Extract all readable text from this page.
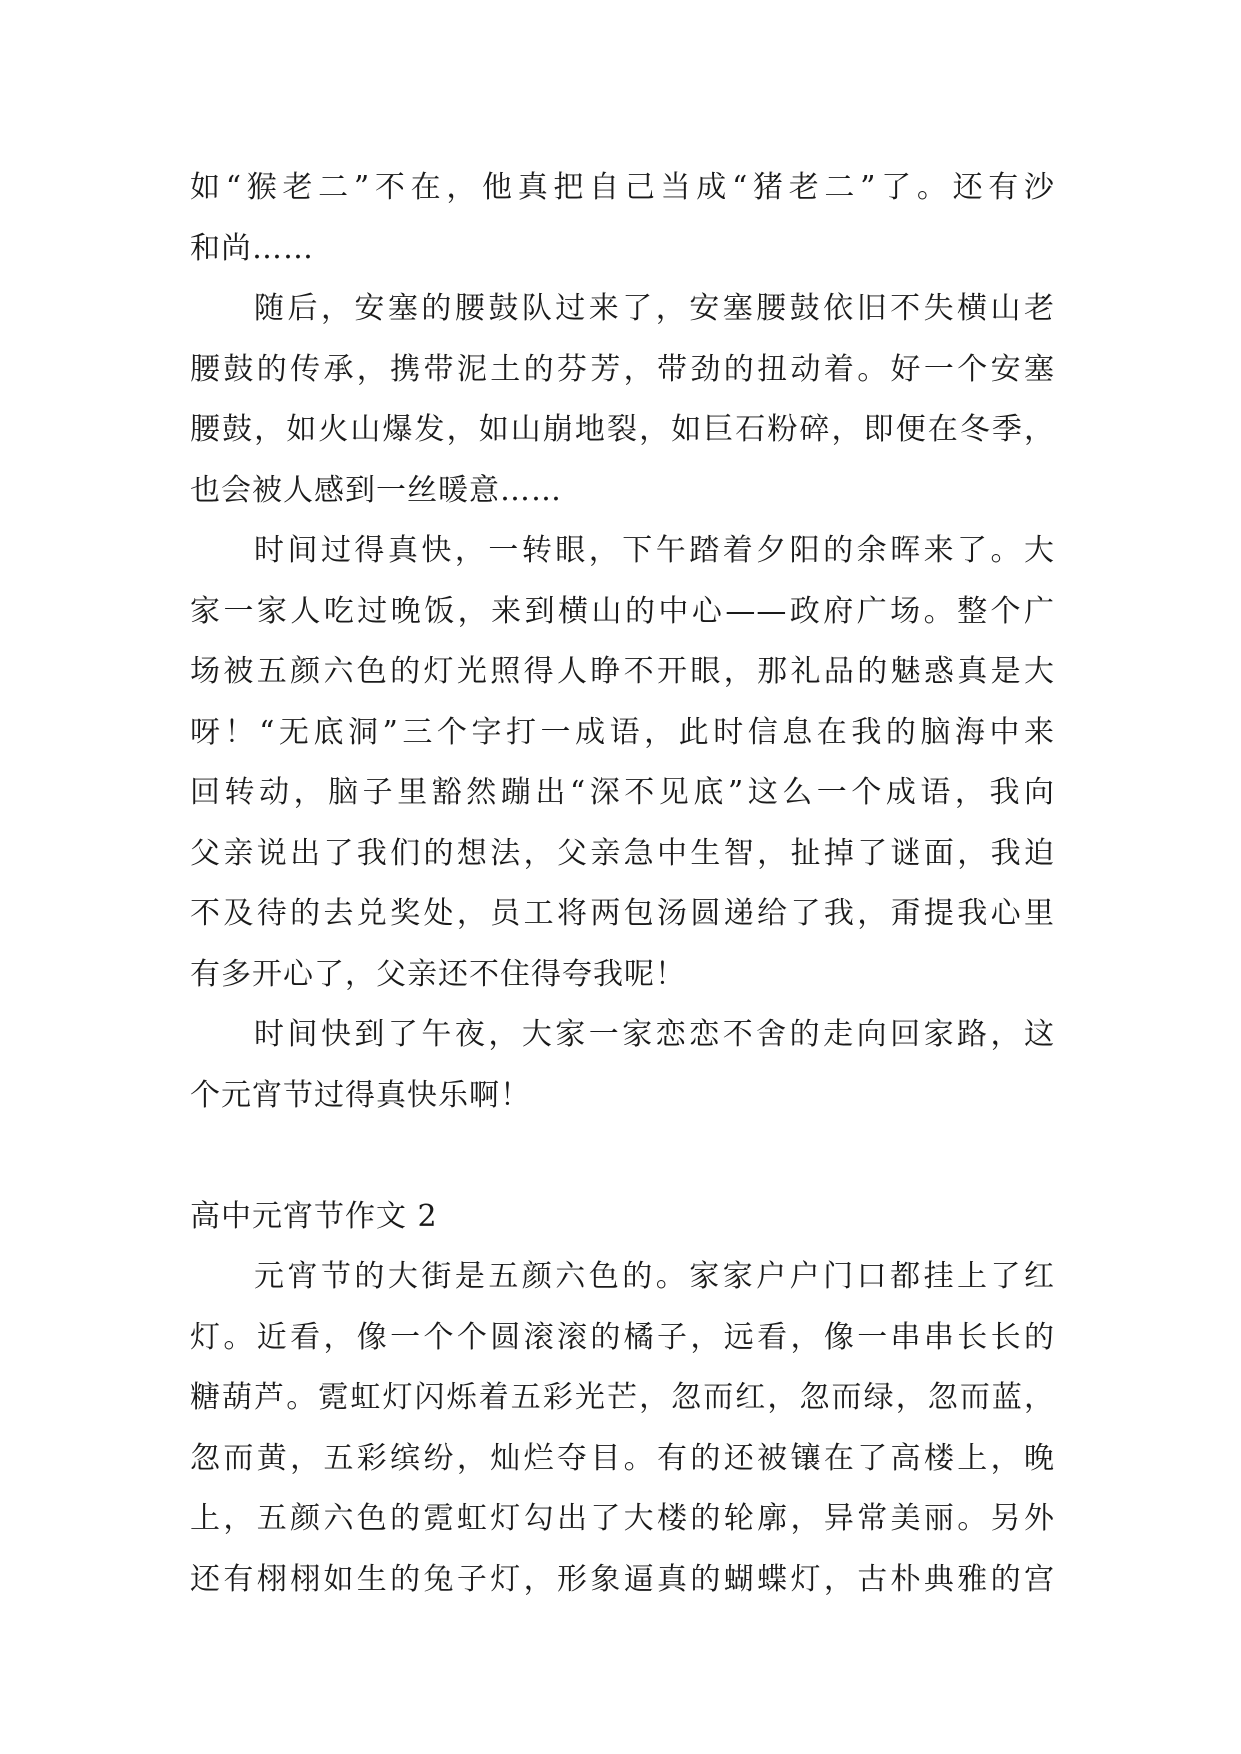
如“猴老二”不在，他真把自己当成“猪老二”了。还有沙
和尚……
随后，安塞的腰鼓队过来了，安塞腰鼓依旧不失横山老
腰鼓的传承，携带泥土的芬芳，带劲的扭动着。好一个安塞
腰鼓，如火山爆发，如山崩地裂，如巨石粉碎，即便在冬季，
也会被人感到一丝暖意……
时间过得真快，一转眼，下午踏着夕阳的余晖来了。大
家一家人吃过晚饭，来到横山的中心——政府广场。整个广
场被五颜六色的灯光照得人睁不开眼，那礼品的魅惑真是大
呀！“无底洞”三个字打一成语，此时信息在我的脑海中来
回转动，脑子里豁然蹦出“深不见底”这么一个成语，我向
父亲说出了我们的想法，父亲急中生智，扯掉了谜面，我迫
不及待的去兑奖处，员工将两包汤圆递给了我，甭提我心里
有多开心了，父亲还不住得夸我呢！
时间快到了午夜，大家一家恋恋不舍的走向回家路，这
个元宵节过得真快乐啊！
高中元宵节作文 2
元宵节的大街是五颜六色的。家家户户门口都挂上了红
灯。近看，像一个个圆滚滚的橘子，远看，像一串串长长的
糖葫芦。霓虹灯闪烁着五彩光芒，忽而红，忽而绿，忽而蓝，
忽而黄，五彩缤纷，灿烂夺目。有的还被镶在了高楼上，晚
上，五颜六色的霓虹灯勾出了大楼的轮廓，异常美丽。另外
还有栩栩如生的兔子灯，形象逼真的蝴蝶灯，古朴典雅的宫
